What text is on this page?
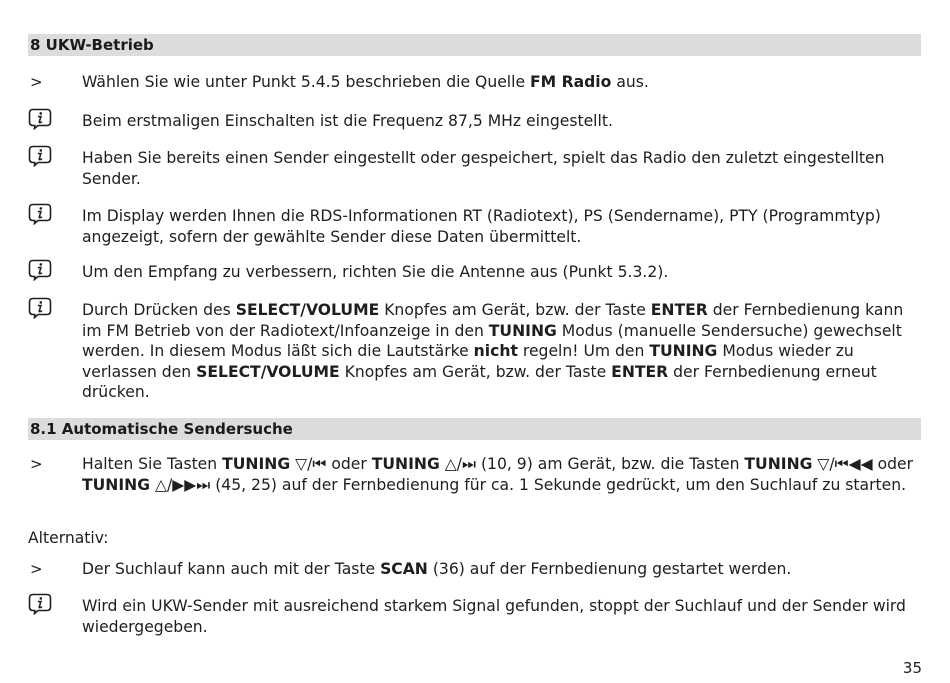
8 UKW-Betrieb
>	Wählen Sie wie unter Punkt 5.4.5 beschrieben die Quelle FM Radio aus.
Beim erstmaligen Einschalten ist die Frequenz 87,5 MHz eingestellt.
Haben Sie bereits einen Sender eingestellt oder gespeichert, spielt das Radio den zuletzt eingestellten Sender.
Im Display werden Ihnen die RDS-Informationen RT (Radiotext), PS (Sendername), PTY (Programmtyp) angezeigt, sofern der gewählte Sender diese Daten übermittelt.
Um den Empfang zu verbessern, richten Sie die Antenne aus (Punkt 5.3.2).
Durch Drücken des SELECT/VOLUME Knopfes am Gerät, bzw. der Taste ENTER der Fernbedienung kann im FM Betrieb von der Radiotext/Infoanzeige in den TUNING Modus (manuelle Sendersuche) gewechselt werden. In diesem Modus läßt sich die Lautstärke nicht regeln! Um den TUNING Modus wieder zu verlassen den SELECT/VOLUME Knopfes am Gerät, bzw. der Taste ENTER der Fernbedienung erneut drücken.
8.1 Automatische Sendersuche
>	Halten Sie Tasten TUNING ▽/⏮ oder TUNING △/⏭ (10, 9) am Gerät, bzw. die Tasten TUNING ▽/⏮◀◀ oder TUNING △/▶▶⏭ (45, 25) auf der Fernbedienung für ca. 1 Sekunde gedrückt, um den Suchlauf zu starten.
Alternativ:
>	Der Suchlauf kann auch mit der Taste SCAN (36) auf der Fernbedienung gestartet werden.
Wird ein UKW-Sender mit ausreichend starkem Signal gefunden, stoppt der Suchlauf und der Sender wird wiedergegeben.
35
